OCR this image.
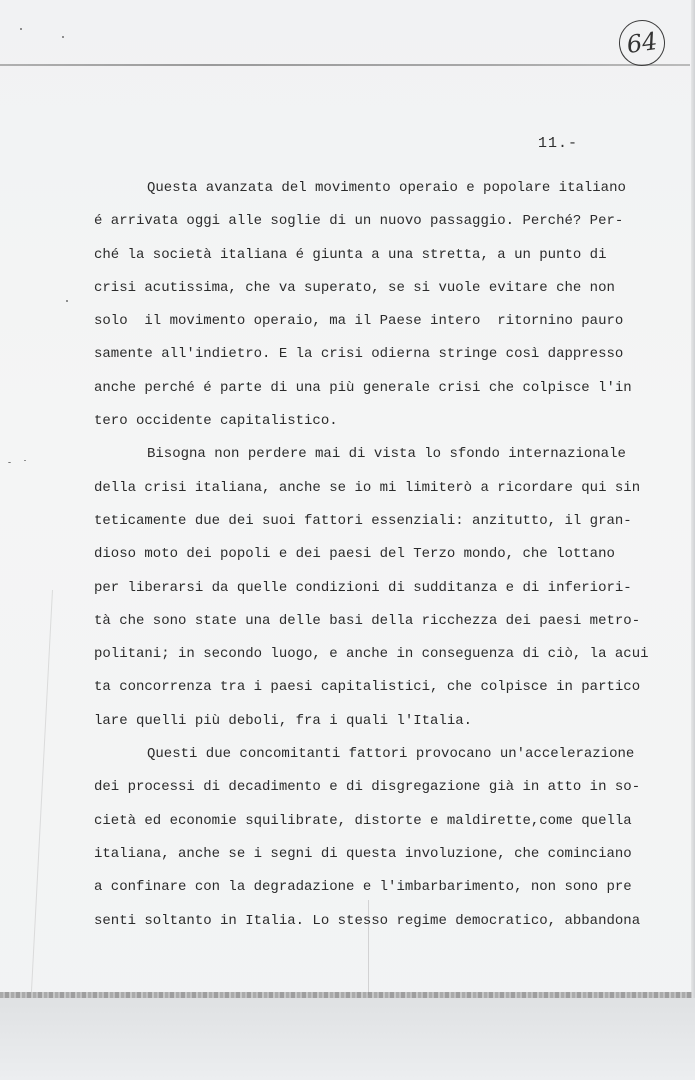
64
11.-
Questa avanzata del movimento operaio e popolare italiano
é arrivata oggi alle soglie di un nuovo passaggio. Perché? Per-
ché la società italiana é giunta a una stretta, a un punto di
crisi acutissima, che va superato, se si vuole evitare che non
solo  il movimento operaio, ma il Paese intero  ritornino pauro
samente all'indietro. E la crisi odierna stringe così dappresso
anche perché é parte di una più generale crisi che colpisce l'in
tero occidente capitalistico.
Bisogna non perdere mai di vista lo sfondo internazionale
della crisi italiana, anche se io mi limiterò a ricordare qui sin
teticamente due dei suoi fattori essenziali: anzitutto, il gran-
dioso moto dei popoli e dei paesi del Terzo mondo, che lottano
per liberarsi da quelle condizioni di sudditanza e di inferiori-
tà che sono state una delle basi della ricchezza dei paesi metro-
politani; in secondo luogo, e anche in conseguenza di ciò, la acui
ta concorrenza tra i paesi capitalistici, che colpisce in partico
lare quelli più deboli, fra i quali l'Italia.
Questi due concomitanti fattori provocano un'accelerazione
dei processi di decadimento e di disgregazione già in atto in so-
cietà ed economie squilibrate, distorte e maldirette,come quella
italiana, anche se i segni di questa involuzione, che cominciano
a confinare con la degradazione e l'imbarbarimento, non sono pre
senti soltanto in Italia. Lo stesso regime democratico, abbandona
